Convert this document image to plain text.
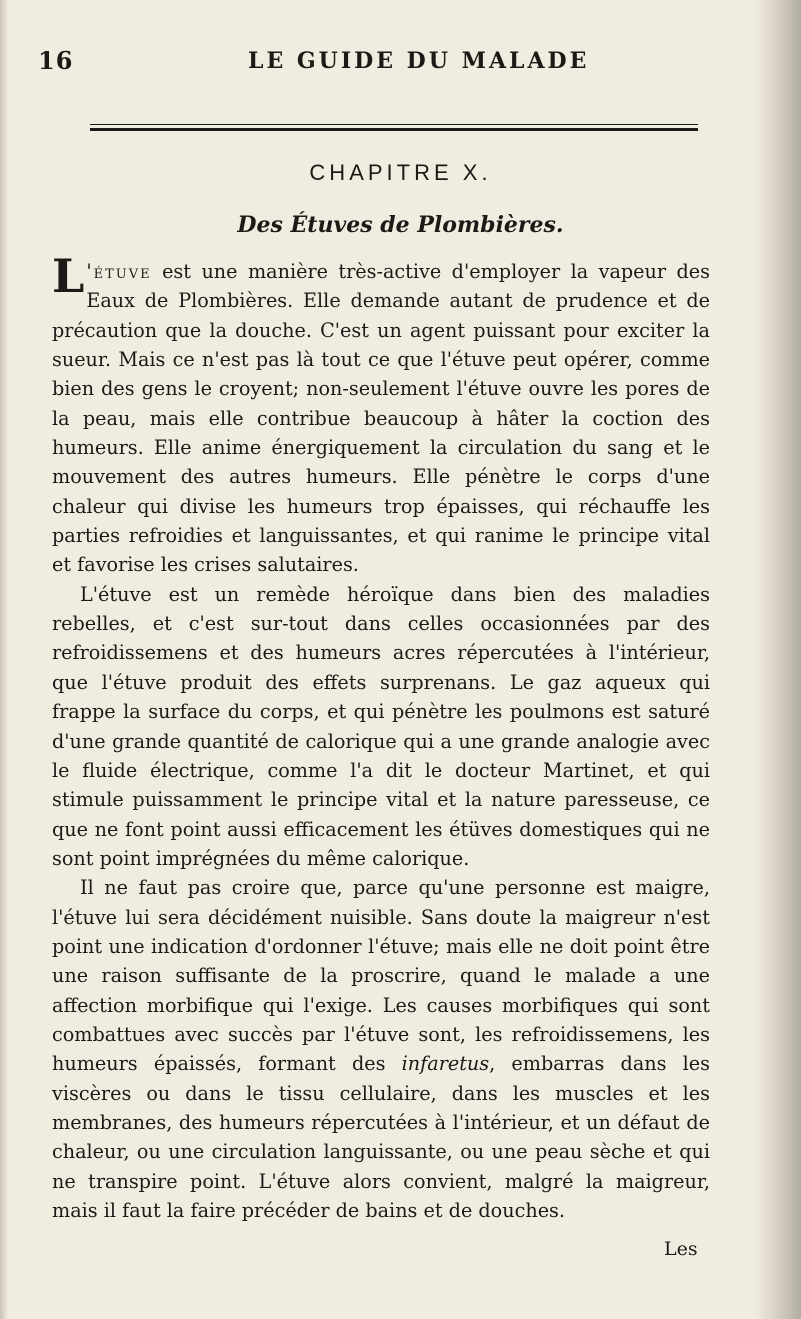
16	LE GUIDE DU MALADE
CHAPITRE X.
Des Étuves de Plombières.

L 'étuve est une manière très-active d'employer la vapeur des Eaux de Plombières. Elle demande autant de prudence et de précaution que la douche. C'est un agent puissant pour exciter la sueur. Mais ce n'est pas là tout ce que l'étuve peut opérer, comme bien des gens le croyent; non-seulement l'étuve ouvre les pores de la peau, mais elle contribue beaucoup à hâter la coction des humeurs. Elle anime énergiquement la circulation du sang et le mouvement des autres humeurs. Elle pénètre le corps d'une chaleur qui divise les humeurs trop épaisses, qui réchauffe les parties refroidies et languissantes, et qui ranime le principe vital et favorise les crises salutaires.

L'étuve est un remède héroïque dans bien des maladies rebelles, et c'est sur-tout dans celles occasionnées par des refroidissemens et des humeurs acres répercutées à l'intérieur, que l'étuve produit des effets surprenans. Le gaz aqueux qui frappe la surface du corps, et qui pénètre les poulmons est saturé d'une grande quantité de calorique qui a une grande analogie avec le fluide électrique, comme l'a dit le docteur Martinet, et qui stimule puissamment le principe vital et la nature paresseuse, ce que ne font point aussi efficacement les étüves domestiques qui ne sont point imprégnées du même calorique.

Il ne faut pas croire que, parce qu'une personne est maigre, l'étuve lui sera décidément nuisible. Sans doute la maigreur n'est point une indication d'ordonner l'étuve; mais elle ne doit point être une raison suffisante de la proscrire, quand le malade a une affection morbifique qui l'exige. Les causes morbifiques qui sont combattues avec succès par l'étuve sont, les refroidissemens, les humeurs épaissés, formant des infaretus, embarras dans les viscères ou dans le tissu cellulaire, dans les muscles et les membranes, des humeurs répercutées à l'intérieur, et un défaut de chaleur, ou une circulation languissante, ou une peau sèche et qui ne transpire point. L'étuve alors convient, malgré la maigreur, mais il faut la faire précéder de bains et de douches.

Les
